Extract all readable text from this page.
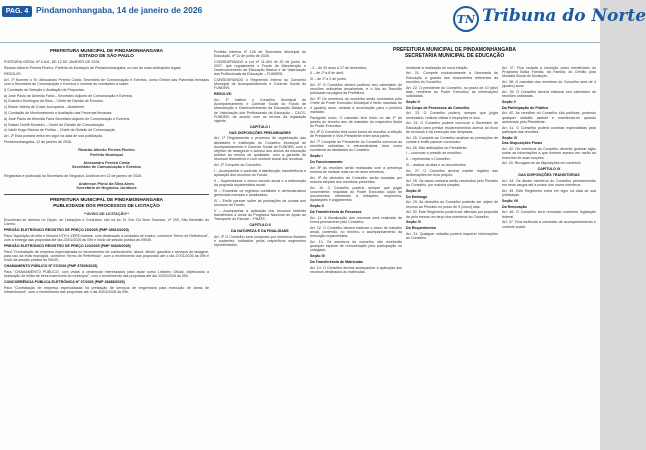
PAG. 4 Pindamonhangaba, 14 de janeiro de 2026
TN Tribuna do Norte
PREFEITURA MUNICIPAL DE PINDAMONHANGABA
ESTADO DE SÃO PAULO
PORTARIA GERAL Nº 5.841, DE 12 DE JANEIRO DE 2026.
Ricardo Alberto Pereira Piorino, Prefeito do Município de Pindamonhangaba, no uso de suas atribuições legais,
RESOLVE:
Art. 1º Nomear o Sr. Alessandro Pereira Costa, Secretário de Comunicação e Eventos, como Gestor das Parcerias firmadas com a Secretaria de Comunicação e Eventos e nomear as comissões a saber:
I) Comissão de Seleção e Avaliação de Propostas:
a) José Paulo de Almeida Faria – Secretário Adjunto de Comunicação e Eventos
b) Evandro Domingos da Silva – Chefe de Divisão de Eventos
c) Eliane Valéria de Costa Juncqueira – Assistente
II) Comissão de Monitoramento e Avaliação das Parcerias firmadas:
a) José Paulo de Almeida Faria Secretário Adjunto de Comunicação e Eventos
b) Rafael Chieffi Monteiro – Chefe de Divisão de Comunicação
c) Valdir Hugo Ramos de Freitas – Chefe de Divisão de Comunicação
Art. 2º Esta portaria entra em vigor na data de sua publicação.
Pindamonhangaba, 12 de janeiro de 2026.
Ricardo Alberto Pereira Piorino
Prefeito Municipal
Alessandro Pereira Costa
Secretário de Comunicação e Eventos
Registrada e publicada na Secretaria de Negócios Jurídicos em 12 de janeiro de 2026.
Anderson Plínio da Silva Alves
Secretário de Negócios Jurídicos
PREFEITURA MUNICIPAL DE PINDAMONHANGABA
PUBLICIDADE DOS PROCESSOS DE LICITAÇÃO
**AVISO DE LICITAÇÃO**
Encontram-se abertos no Depto. de Licitações e Contratos, sito na Av. N. Sra. Do Bom Sucesso, nº 299, São Benedito do Carmo.
PREGÃO ELETRÔNICO REGISTRO DE PREÇO 19/2025 (PMP 39913/2025)
Para "Aquisição de leite e fórmula UTH e ZERO lactose, com destinação a unidades de ensino, conforme Termo de Referência", com a entrega das propostas até dia 23/01/2026 às 09h e início da sessão pública às 09h30.
PREGÃO ELETRÔNICO REGISTRO DE PREÇO 120/2025 (PMP 36845/2025)
Para "Contratação de empresa especializada no fornecimento de combustíveis: álcool, diesel, gasolina e serviços de lavagem, para uso da frota municipal, conforme Termo de Referência", com o recebimento das propostas até o dia 27/01/2026 às 09h e início da sessão pública às 09h30.
CHAMAMENTO PÚBLICO Nº 07/2026 (PMP 37529/2025)
Para "CHAMAMENTO PÚBLICO, com vistas a credenciar interessados para atuar como Leiloeiro Oficial, objetivando a realização de leilão de bens inservíveis do município", com o recebimento das propostas até dia 12/02/2026 às 09h.
CONCORRÊNCIA PÚBLICA ELETRÔNICA Nº 07/2026 (PMP 28485/2025)
Para "Contratação de empresa especializada na prestação de serviços de engenharia para execução de obras de infraestrutura", com o recebimento das propostas até o dia 30/01/2026 às 09h.
Prefeita Interina nº 126 de Secretaria Municipal de Educação, nº 11 de junho de 2026.
CONSIDERANDO a Lei nº 11.494 de 20 de junho de 2007, que regulamenta o Fundo de Manutenção e Desenvolvimento da Educação Básica e de Valorização dos Profissionais da Educação – FUNDEB;
CONSIDERANDO o Regimento Interno do Conselho Municipal de Acompanhamento e Controle Social do FUNDEB;
RESOLVE:
Art. 1º Instituir o Conselho Municipal de Acompanhamento e Controle Social do Fundo de Manutenção e Desenvolvimento da Educação Básica e de Valorização dos Profissionais da Educação – CACS-FUNDEB, de acordo com os termos da legislação vigente.
CAPÍTULO I
DAS DISPOSIÇÕES PRELIMINARES
Art. 1º Regulamenta o processo de organização das atividades e instituição do Conselho Municipal de Acompanhamento e Controle Social do FUNDEB, com o objetivo de assegurar o acesso dos alunos da educação pública ao ensino de qualidade, com a garantia de recursos financeiros e com controle social dos recursos.
Art. 2º Compete ao Conselho:
I – Acompanhar e controlar a distribuição, transferência e aplicação dos recursos do Fundo;
II – Supervisionar o censo escolar anual e a elaboração da proposta orçamentária anual;
III – Examinar os registros contábeis e demonstrativos gerenciais mensais e atualizados;
IV – Emitir parecer sobre as prestações de contas dos recursos do Fundo;
V – Acompanhar a aplicação dos recursos federais transferidos à conta do Programa Nacional de Apoio ao Transporte do Escolar – PNATE;
CAPÍTULO II
DA NATUREZA E DA FINALIDADE
Art. 3º O Conselho será composto por membros titulares e suplentes, indicados pelos respectivos segmentos representados.
PREFEITURA MUNICIPAL DE PINDAMONHANGABA
SECRETARIA MUNICIPAL DE EDUCAÇÃO
- 2 – de 20 anos a 27 de dezembro;
II – de 1º a 8 de abril;
III – de 1º a 2 de junho.
Art. 4º O Conselho deverá publicar seu calendário de reuniões ordinárias anualmente, e o Ata da Reunião publicada na página da Prefeitura.
Art. 5º Os membros do conselho serão nomeados pelo Chefe do Poder Executivo Municipal e terão mandato de 4 (quatro) anos, vedada a recondução para o próximo mandato.
Parágrafo único. O mandato terá início no dia 1º de janeiro do terceiro ano de mandato do respectivo titular do Poder Executivo.
Art. 6º O Conselho terá como forma de escolha, a eleição de Presidente e Vice-Presidente entre seus pares.
Art. 7º Compete ao Presidente do Conselho convocar as reuniões ordinárias e extraordinárias, bem como coordenar as atividades do Conselho.
Seção I
Do Funcionamento
Art. 8º As reuniões serão realizadas com a presença mínima de metade mais um de seus membros.
Art. 9º As decisões do Conselho serão tomadas por maioria simples dos membros presentes.
Art. 10. O Conselho poderá, sempre que julgar conveniente, requisitar ao Poder Executivo cópia de documentos referentes a licitações, empenhos, liquidações e pagamentos.
Seção II
Da Transferência de Recursos
Art. 11. A fiscalização dos recursos será realizada de forma permanente pelo Conselho.
Art. 12. O Conselho deverá elaborar o plano de trabalho anual, contendo, no mínimo, o acompanhamento da execução orçamentária.
Art. 13. Os membros do conselho não receberão qualquer espécie de remuneração pela participação no colegiado.
Seção III
Da Transferência de Matrículas
Art. 14. O Conselho deverá acompanhar a aplicação dos recursos destinados às matrículas.
mediante a realização de nova eleição.
Art. 21. Compete exclusivamente à Secretaria de Educação a guarda dos documentos referentes às reuniões do Conselho.
Art. 22. O presidente do Conselho, no prazo de 10 (dez) dias, remeterá ao Poder Executivo as informações solicitadas.
Seção II
Do Corpo de Processos do Conselho
Art. 23. O Conselho poderá, sempre que julgar necessário, realizar visitas e inspeções in loco.
Art. 24. O Conselho poderá convocar o Secretário de Educação para prestar esclarecimentos acerca do fluxo de recursos e da execução das despesas.
Art. 25. Compete ao Conselho analisar as prestações de contas e emitir parecer conclusivo.
Art. 26. São atribuições do Presidente:
I – convocar e presidir as reuniões;
II – representar o Conselho;
III – assinar as atas e os documentos.
Art. 27. O Conselho deverá manter registro das deliberações em livro próprio.
Art. 28. Os casos omissos serão resolvidos pelo Plenário do Conselho, por maioria simples.
Seção III
Do Embargo
Art. 29. As decisões do Conselho poderão ser objeto de recurso ao Plenário no prazo de 5 (cinco) dias.
Art. 30. Este Regimento poderá ser alterado por proposta de pelo menos um terço dos membros do Conselho.
Seção IV
Do Requerimento
Art. 31. Qualquer cidadão poderá requerer informações ao Conselho.
Art. 37. Fica vedada a inscrição como beneficiário do Programa Bolsa Família, da Família, do Crédito para Moradia Social do Município.
Art. 38. O mandato dos membros do Conselho será de 4 (quatro) anos.
Art. 39. O Conselho deverá elaborar seu calendário de reuniões ordinárias.
Seção V
Da Participação do Público
Art. 40. As reuniões do Conselho são públicas, podendo qualquer cidadão assistir e manifestar-se quando autorizado pelo Presidente.
Art. 41. O Conselho poderá convidar especialistas para participar das reuniões.
Seção VI
Das Disposições Finais
Art. 42. Os membros do Conselho deverão guardar sigilo sobre as informações a que tiverem acesso em razão do exercício de suas funções.
Art. 43. Revogam-se as disposições em contrário.
CAPÍTULO IX
DAS DISPOSIÇÕES TRANSITÓRIAS
Art. 44. Os atuais membros do Conselho permanecerão em seus cargos até a posse dos novos membros.
Art. 45. Este Regimento entra em vigor na data de sua publicação.
Seção VII
Da Renovação
Art. 46. O Conselho será renovado conforme legislação federal.
Art. 47. Fica instituída a comissão de acompanhamento e controle social.
